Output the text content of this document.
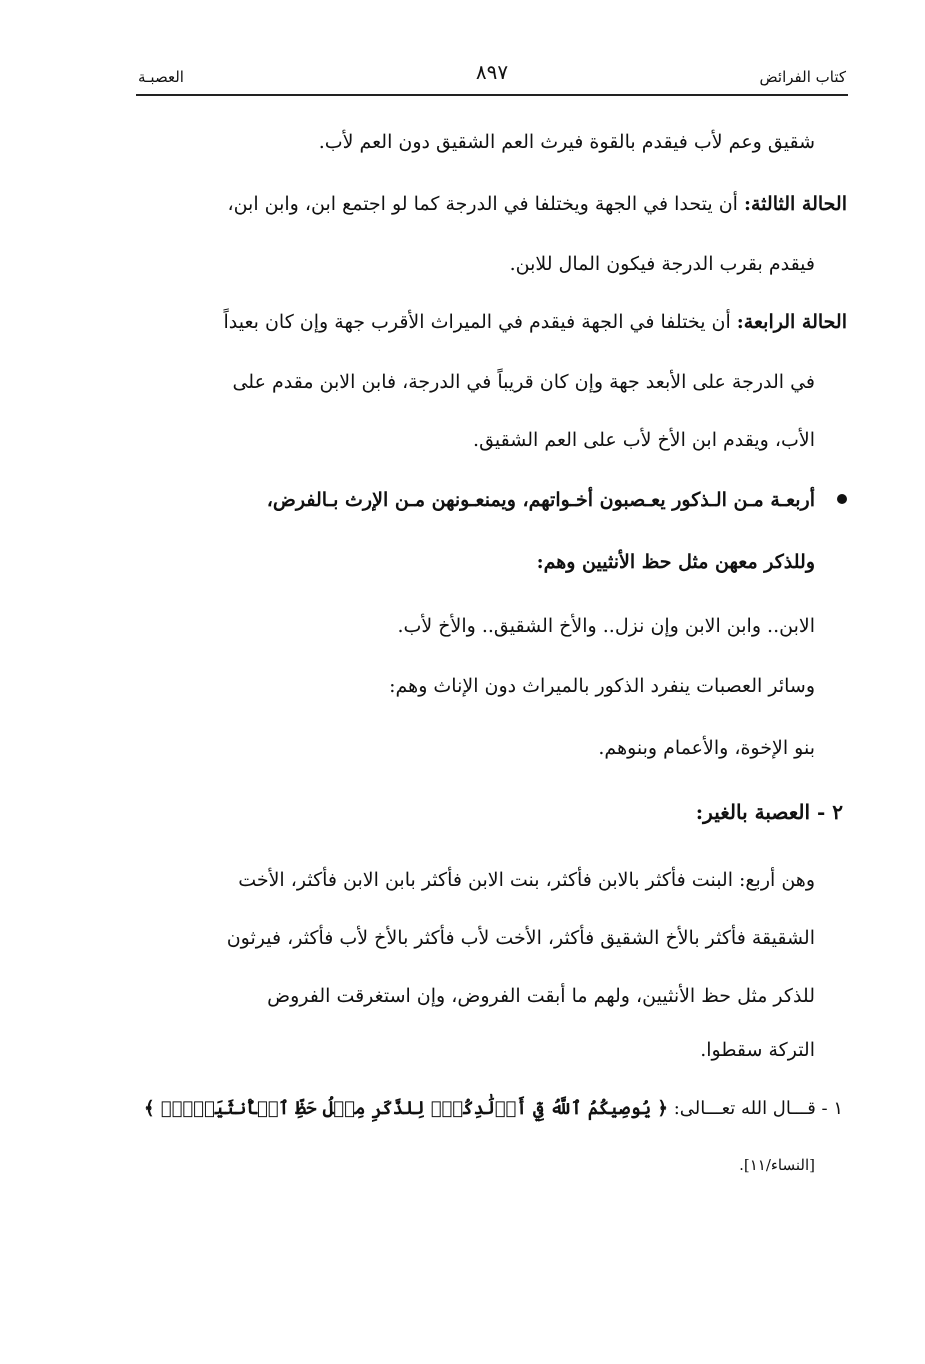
كتاب الفرائض
٨٩٧
العصبـة
شقيق وعم لأب فيقدم بالقوة فيرث العم الشقيق دون العم لأب.
الحالة الثالثة: أن يتحدا في الجهة ويختلفا في الدرجة كما لو اجتمع ابن، وابن ابن،
فيقدم بقرب الدرجة فيكون المال للابن.
الحالة الرابعة: أن يختلفا في الجهة فيقدم في الميراث الأقرب جهة وإن كان بعيداً
في الدرجة على الأبعد جهة وإن كان قريباً في الدرجة، فابن الابن مقدم على
الأب، ويقدم ابن الأخ لأب على العم الشقيق.
أربعـة مـن الـذكور يعـصبون أخـواتهم، ويمنعـونهن مـن الإرث بـالفرض،
وللذكر معهن مثل حظ الأنثيين وهم:
الابن.. وابن الابن وإن نزل.. والأخ الشقيق.. والأخ لأب.
وسائر العصبات ينفرد الذكور بالميراث دون الإناث وهم:
بنو الإخوة، والأعمام وبنوهم.
٢ - العصبة بالغير:
وهن أربع: البنت فأكثر بالابن فأكثر، بنت الابن فأكثر بابن الابن فأكثر، الأخت
الشقيقة فأكثر بالأخ الشقيق فأكثر، الأخت لأب فأكثر بالأخ لأب فأكثر، فيرثون
للذكر مثل حظ الأنثيين، ولهم ما أبقت الفروض، وإن استغرقت الفروض
التركة سقطوا.
١ - قـــال الله تعـــالى: ﴿ يُوصِيكُمُ ٱللَّهُ فِيٓ أَوۡلَٰدِكُمۡۖ لِلذَّكَرِ مِثۡلُ حَظِّ ٱلۡأُنثَيَيۡنِۚ ﴾
[النساء/١١].
